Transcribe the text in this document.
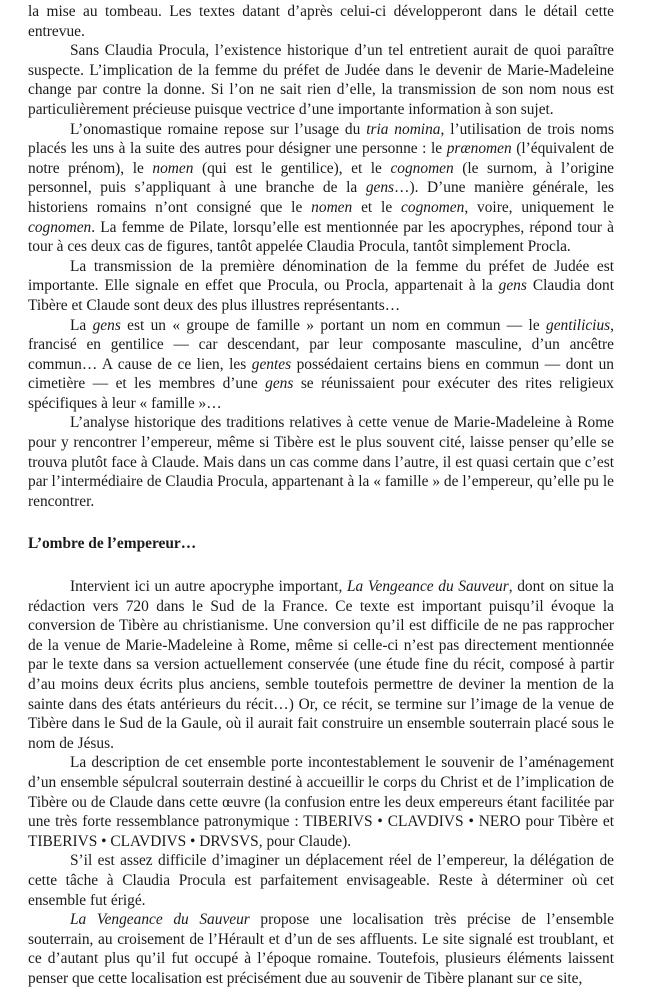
la mise au tombeau. Les textes datant d’après celui-ci développeront dans le détail cette entrevue.

Sans Claudia Procula, l’existence historique d’un tel entretient aurait de quoi paraître suspecte. L’implication de la femme du préfet de Judée dans le devenir de Marie-Madeleine change par contre la donne. Si l’on ne sait rien d’elle, la transmission de son nom nous est particulièrement précieuse puisque vectrice d’une importante information à son sujet.

L’onomastique romaine repose sur l’usage du tria nomina, l’utilisation de trois noms placés les uns à la suite des autres pour désigner une personne : le prænomen (l’équivalent de notre prénom), le nomen (qui est le gentilice), et le cognomen (le surnom, à l’origine personnel, puis s’appliquant à une branche de la gens…). D’une manière générale, les historiens romains n’ont consigné que le nomen et le cognomen, voire, uniquement le cognomen. La femme de Pilate, lorsqu’elle est mentionnée par les apocryphes, répond tour à tour à ces deux cas de figures, tantôt appelée Claudia Procula, tantôt simplement Procla.

La transmission de la première dénomination de la femme du préfet de Judée est importante. Elle signale en effet que Procula, ou Procla, appartenait à la gens Claudia dont Tibère et Claude sont deux des plus illustres représentants…

La gens est un « groupe de famille » portant un nom en commun — le gentilicius, francisé en gentilice — car descendant, par leur composante masculine, d’un ancêtre commun… A cause de ce lien, les gentes possédaient certains biens en commun — dont un cimetière — et les membres d’une gens se réunissaient pour exécuter des rites religieux spécifiques à leur « famille »…

L’analyse historique des traditions relatives à cette venue de Marie-Madeleine à Rome pour y rencontrer l’empereur, même si Tibère est le plus souvent cité, laisse penser qu’elle se trouva plutôt face à Claude. Mais dans un cas comme dans l’autre, il est quasi certain que c’est par l’intermédiaire de Claudia Procula, appartenant à la « famille » de l’empereur, qu’elle pu le rencontrer.

L’ombre de l’empereur…

Intervient ici un autre apocryphe important, La Vengeance du Sauveur, dont on situe la rédaction vers 720 dans le Sud de la France. Ce texte est important puisqu’il évoque la conversion de Tibère au christianisme. Une conversion qu’il est difficile de ne pas rapprocher de la venue de Marie-Madeleine à Rome, même si celle-ci n’est pas directement mentionnée par le texte dans sa version actuellement conservée (une étude fine du récit, composé à partir d’au moins deux écrits plus anciens, semble toutefois permettre de deviner la mention de la sainte dans des états antérieurs du récit…) Or, ce récit, se termine sur l’image de la venue de Tibère dans le Sud de la Gaule, où il aurait fait construire un ensemble souterrain placé sous le nom de Jésus.

La description de cet ensemble porte incontestablement le souvenir de l’aménagement d’un ensemble sépulcral souterrain destiné à accueillir le corps du Christ et de l’implication de Tibère ou de Claude dans cette œuvre (la confusion entre les deux empereurs étant facilitée par une très forte ressemblance patronymique : TIBERIVS • CLAVDIVS • NERO pour Tibère et TIBERIVS • CLAVDIVS • DRVSVS, pour Claude).

S’il est assez difficile d’imaginer un déplacement réel de l’empereur, la délégation de cette tâche à Claudia Procula est parfaitement envisageable. Reste à déterminer où cet ensemble fut érigé.

La Vengeance du Sauveur propose une localisation très précise de l’ensemble souterrain, au croisement de l’Hérault et d’un de ses affluents. Le site signalé est troublant, et ce d’autant plus qu’il fut occupé à l’époque romaine. Toutefois, plusieurs éléments laissent penser que cette localisation est précisément due au souvenir de Tibère planant sur ce site,
